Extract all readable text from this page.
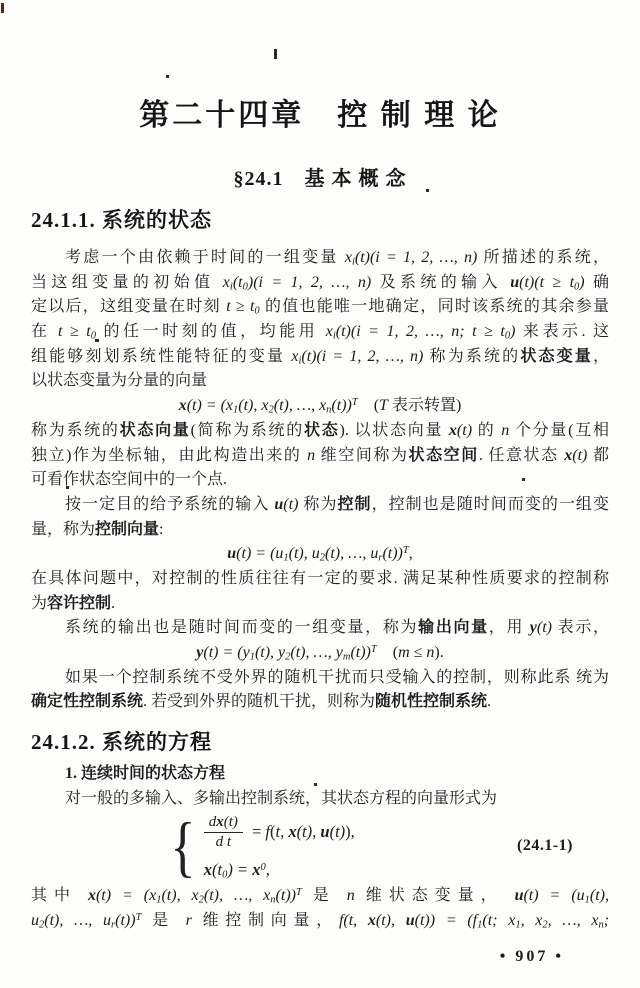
第二十四章　控 制 理 论
§24.1　基 本 概 念
24.1.1. 系统的状态
考虑一个由依赖于时间的一组变量 $x_i(t)(i = 1$, 2, …, n) 所描述的系统，
当这组变量的初始值 $x_i(t_0)(i = 1$, 2, …, n) 及系统的输入 $u(t)(t \ge t_0)$ 确
定以后，这组变量在时刻 $t \ge t_0$ 的值也能唯一地确定，同时该系统的其余参量
在 $t \ge t_0$ 的任一时刻的值，均能用 $x_i(t)(i = 1$, 2, …, n; $t \ge t_0$) 来表示. 这
组能够刻划系统性能特征的变量 $x_i(t)(i = 1$, 2, …, n) 称为系统的状态变量，
以状态变量为分量的向量
$x(t) = (x_1(t)$, $x_2(t)$, …, $x_n(t))^T$　(T 表示转置)
称为系统的状态向量(简称为系统的状态). 以状态向量 x(t) 的 n 个分量(互相
独立)作为坐标轴，由此构造出来的 n 维空间称为状态空间. 任意状态 x(t) 都
可看作状态空间中的一个点.
按一定目的给予系统的输入 u(t) 称为控制，控制也是随时间而变的一组变
量，称为控制向量:
$u(t) = (u_1(t)$, $u_2(t)$, …, $u_r(t))^T$,
在具体问题中，对控制的性质往往有一定的要求. 满足某种性质要求的控制称
为容许控制.
系统的输出也是随时间而变的一组变量，称为输出向量，用 y(t) 表示，
$y(t) = (y_1(t)$, $y_2(t)$, …, $y_m(t))^T$　(m ≤ n).
如果一个控制系统不受外界的随机干扰而只受输入的控制，则称此系 统为
确定性控制系统. 若受到外界的随机干扰，则称为随机性控制系统.
24.1.2. 系统的方程
1. 连续时间的状态方程
对一般的多输入、多输出控制系统，其状态方程的向量形式为
{ $\frac{dx(t)}{\text{d t}} = f(t$, x(t), u(t)),
$x(t_0) = x^0$,
(24.1-1)
其中 $x(t) = (x_1(t)$, $x_2(t)$, …, $x_n(t))^T$ 是 n 维状态变量， $u(t) = (u_1(t)$,
$u_2(t)$, …, $u_r(t))^T$ 是 r 维控制向量，f(t, x(t), $u(t)) = (f_1(t$; $x_1$, $x_2$, …, $x_n$;
• 907 •
